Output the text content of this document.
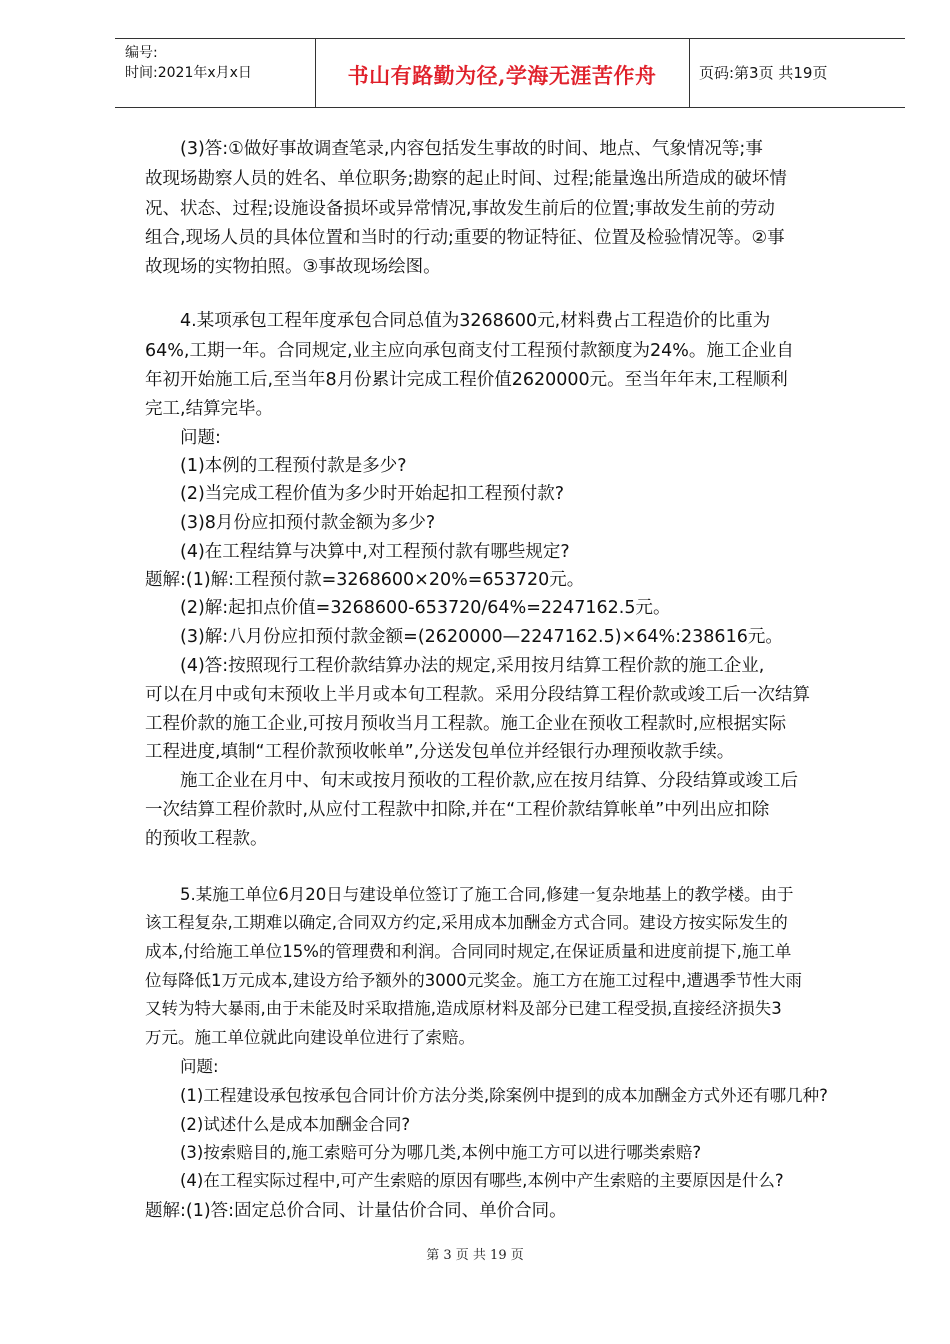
编号:
时间:2021年x月x日	书山有路勤为径,学海无涯苦作舟	页码:第3页 共19页
(3)答:①做好事故调查笔录,内容包括发生事故的时间、地点、气象情况等;事
故现场勘察人员的姓名、单位职务;勘察的起止时间、过程;能量逸出所造成的破坏情
况、状态、过程;设施设备损坏或异常情况,事故发生前后的位置;事故发生前的劳动
组合,现场人员的具体位置和当时的行动;重要的物证特征、位置及检验情况等。②事
故现场的实物拍照。③事故现场绘图。
4.某项承包工程年度承包合同总值为3268600元,材料费占工程造价的比重为
64%,工期一年。合同规定,业主应向承包商支付工程预付款额度为24%。施工企业自
年初开始施工后,至当年8月份累计完成工程价值2620000元。至当年年末,工程顺利
完工,结算完毕。
问题:
(1)本例的工程预付款是多少?
(2)当完成工程价值为多少时开始起扣工程预付款?
(3)8月份应扣预付款金额为多少?
(4)在工程结算与决算中,对工程预付款有哪些规定?
题解:(1)解:工程预付款=3268600×20%=653720元。
(2)解:起扣点价值=3268600-653720/64%=2247162.5元。
(3)解:八月份应扣预付款金额=(2620000—2247162.5)×64%:238616元。
(4)答:按照现行工程价款结算办法的规定,采用按月结算工程价款的施工企业,
可以在月中或旬末预收上半月或本旬工程款。采用分段结算工程价款或竣工后一次结算
工程价款的施工企业,可按月预收当月工程款。施工企业在预收工程款时,应根据实际
工程进度,填制“工程价款预收帐单”,分送发包单位并经银行办理预收款手续。
施工企业在月中、旬末或按月预收的工程价款,应在按月结算、分段结算或竣工后
一次结算工程价款时,从应付工程款中扣除,并在“工程价款结算帐单”中列出应扣除
的预收工程款。
5.某施工单位6月20日与建设单位签订了施工合同,修建一复杂地基上的教学楼。由于
该工程复杂,工期难以确定,合同双方约定,采用成本加酬金方式合同。建设方按实际发生的
成本,付给施工单位15%的管理费和利润。合同同时规定,在保证质量和进度前提下,施工单
位每降低1万元成本,建设方给予额外的3000元奖金。施工方在施工过程中,遭遇季节性大雨
又转为特大暴雨,由于未能及时采取措施,造成原材料及部分已建工程受损,直接经济损失3
万元。施工单位就此向建设单位进行了索赔。
问题:
(1)工程建设承包按承包合同计价方法分类,除案例中提到的成本加酬金方式外还有哪几种?
(2)试述什么是成本加酬金合同?
(3)按索赔目的,施工索赔可分为哪几类,本例中施工方可以进行哪类索赔?
(4)在工程实际过程中,可产生索赔的原因有哪些,本例中产生索赔的主要原因是什么?
题解:(1)答:固定总价合同、计量估价合同、单价合同。
第 3 页 共 19 页
